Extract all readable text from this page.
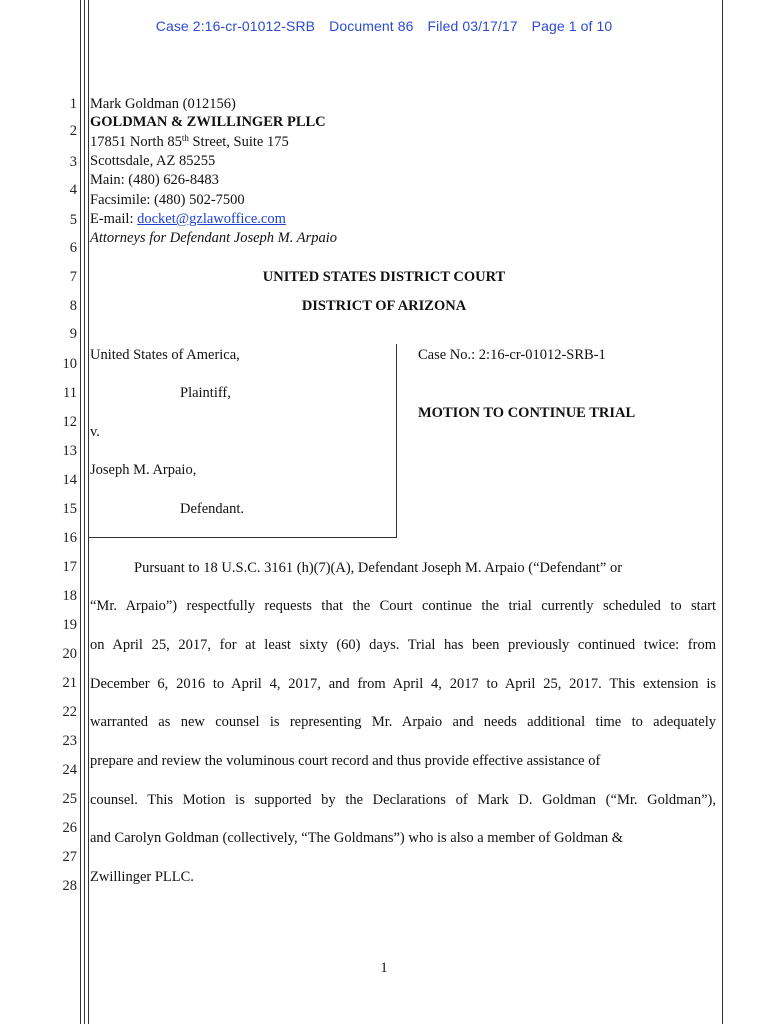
Case 2:16-cr-01012-SRB Document 86 Filed 03/17/17 Page 1 of 10
1
2
3
4
5
6
7
8
9
10
11
12
13
14
15
16
17
18
19
20
21
22
23
24
25
26
27
28
Mark Goldman (012156)
GOLDMAN & ZWILLINGER PLLC
17851 North 85th Street, Suite 175
Scottsdale, AZ 85255
Main: (480) 626-8483
Facsimile: (480) 502-7500
E-mail: docket@gzlawoffice.com
Attorneys for Defendant Joseph M. Arpaio
UNITED STATES DISTRICT COURT
DISTRICT OF ARIZONA
United States of America,
Plaintiff,
v.
Joseph M. Arpaio,
Defendant.
Case No.: 2:16-cr-01012-SRB-1
MOTION TO CONTINUE TRIAL
Pursuant to 18 U.S.C. 3161 (h)(7)(A), Defendant Joseph M. Arpaio (“Defendant” or
“Mr. Arpaio”) respectfully requests that the Court continue the trial currently scheduled to start
on April 25, 2017, for at least sixty (60) days. Trial has been previously continued twice: from
December 6, 2016 to April 4, 2017, and from April 4, 2017 to April 25, 2017. This extension is
warranted as new counsel is representing Mr. Arpaio and needs additional time to adequately
prepare and review the voluminous court record and thus provide effective assistance of
counsel. This Motion is supported by the Declarations of Mark D. Goldman (“Mr. Goldman”),
and Carolyn Goldman (collectively, “The Goldmans”) who is also a member of Goldman &
Zwillinger PLLC.
1
